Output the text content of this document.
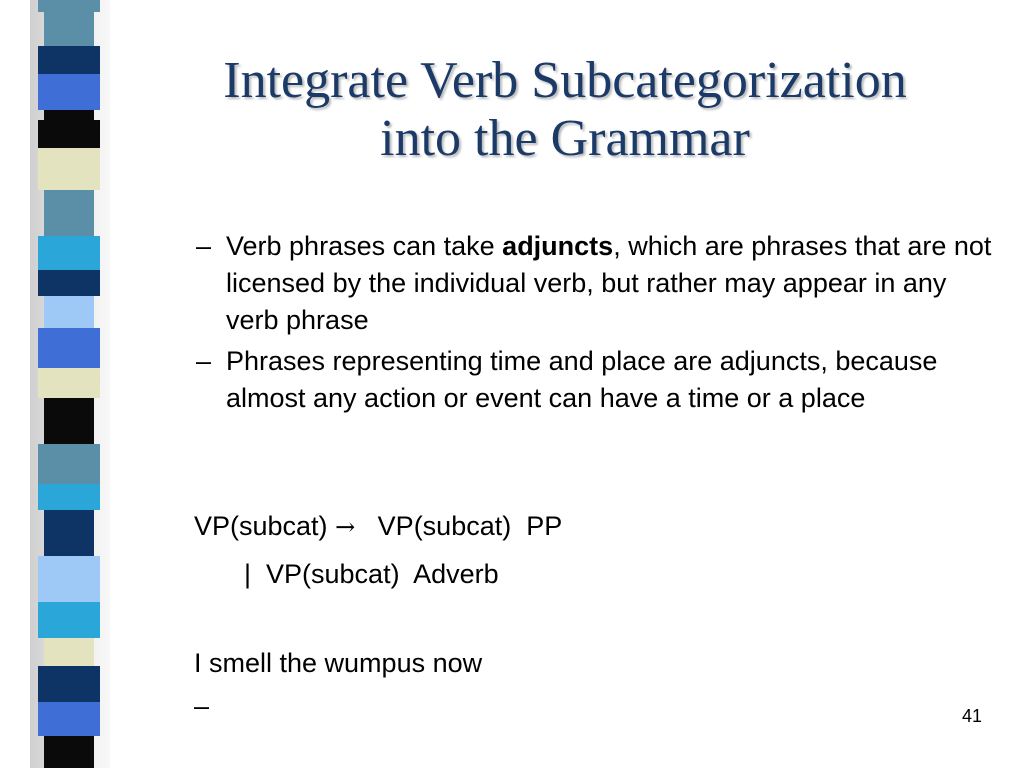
Integrate Verb Subcategorization
into the Grammar
– Verb phrases can take adjuncts, which are phrases that are not licensed by the individual verb, but rather may appear in any verb phrase
– Phrases representing time and place are adjuncts, because almost any action or event can have a time or a place
VP(subcat) →   VP(subcat)  PP
|  VP(subcat)  Adverb
I smell the wumpus now
–	41
